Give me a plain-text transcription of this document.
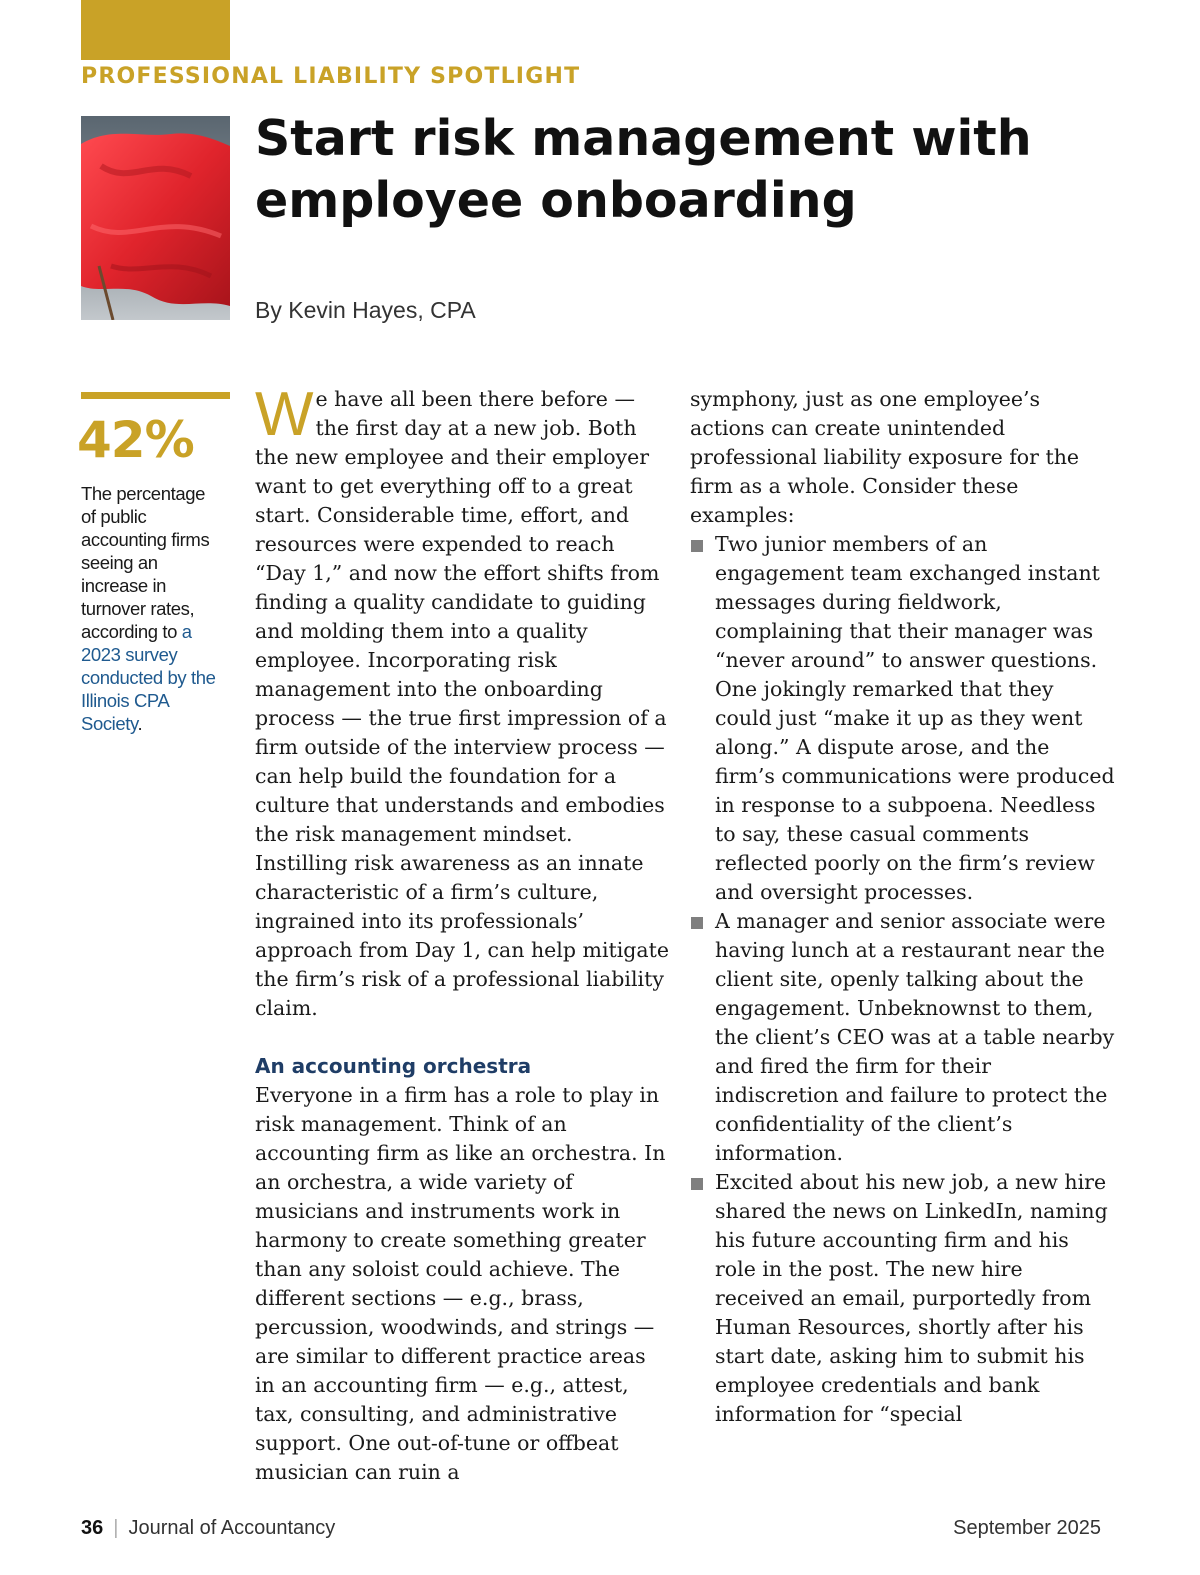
PROFESSIONAL LIABILITY SPOTLIGHT

Start risk management with
employee onboarding

By Kevin Hayes, CPA

42%

The percentage of public accounting firms seeing an increase in turnover rates, according to a 2023 survey conducted by the Illinois CPA Society.

We have all been there before — the first day at a new job. Both the new employee and their employer want to get everything off to a great start. Considerable time, effort, and resources were expended to reach “Day 1,” and now the effort shifts from finding a quality candidate to guiding and molding them into a quality employee. Incorporating risk management into the onboarding process — the true first impression of a firm outside of the interview process — can help build the foundation for a culture that understands and embodies the risk management mindset. Instilling risk awareness as an innate characteristic of a firm’s culture, ingrained into its professionals’ approach from Day 1, can help mitigate the firm’s risk of a professional liability claim.

An accounting orchestra

Everyone in a firm has a role to play in risk management. Think of an accounting firm as like an orchestra. In an orchestra, a wide variety of musicians and instruments work in harmony to create something greater than any soloist could achieve. The different sections — e.g., brass, percussion, woodwinds, and strings — are similar to different practice areas in an accounting firm — e.g., attest, tax, consulting, and administrative support. One out-of-tune or offbeat musician can ruin a

symphony, just as one employee’s actions can create unintended professional liability exposure for the firm as a whole. Consider these examples:

Two junior members of an engagement team exchanged instant messages during fieldwork, complaining that their manager was “never around” to answer questions. One jokingly remarked that they could just “make it up as they went along.” A dispute arose, and the firm’s communications were produced in response to a subpoena. Needless to say, these casual comments reflected poorly on the firm’s review and oversight processes.
A manager and senior associate were having lunch at a restaurant near the client site, openly talking about the engagement. Unbeknownst to them, the client’s CEO was at a table nearby and fired the firm for their indiscretion and failure to protect the confidentiality of the client’s information.
Excited about his new job, a new hire shared the news on LinkedIn, naming his future accounting firm and his role in the post. The new hire received an email, purportedly from Human Resources, shortly after his start date, asking him to submit his employee credentials and bank information for “special

36 | Journal of Accountancy	September 2025
